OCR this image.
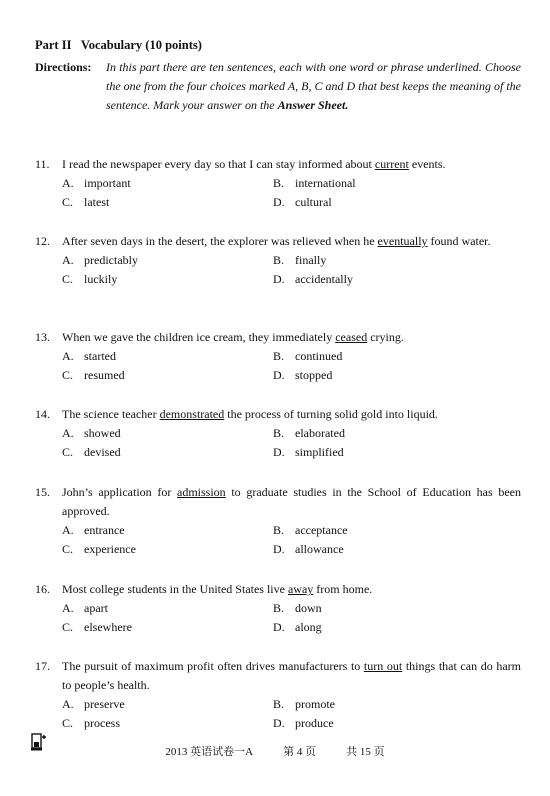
Part II Vocabulary (10 points)
Directions: In this part there are ten sentences, each with one word or phrase underlined. Choose the one from the four choices marked A, B, C and D that best keeps the meaning of the sentence. Mark your answer on the Answer Sheet.
11. I read the newspaper every day so that I can stay informed about current events.
A. important	B. international
C. latest	D. cultural
12. After seven days in the desert, the explorer was relieved when he eventually found water.
A. predictably	B. finally
C. luckily	D. accidentally
13. When we gave the children ice cream, they immediately ceased crying.
A. started	B. continued
C. resumed	D. stopped
14. The science teacher demonstrated the process of turning solid gold into liquid.
A. showed	B. elaborated
C. devised	D. simplified
15. John’s application for admission to graduate studies in the School of Education has been approved.
A. entrance	B. acceptance
C. experience	D. allowance
16. Most college students in the United States live away from home.
A. apart	B. down
C. elsewhere	D. along
17. The pursuit of maximum profit often drives manufacturers to turn out things that can do harm to people’s health.
A. preserve	B. promote
C. process	D. produce
2013 英语试卷一A	第 4 页	共 15 页
